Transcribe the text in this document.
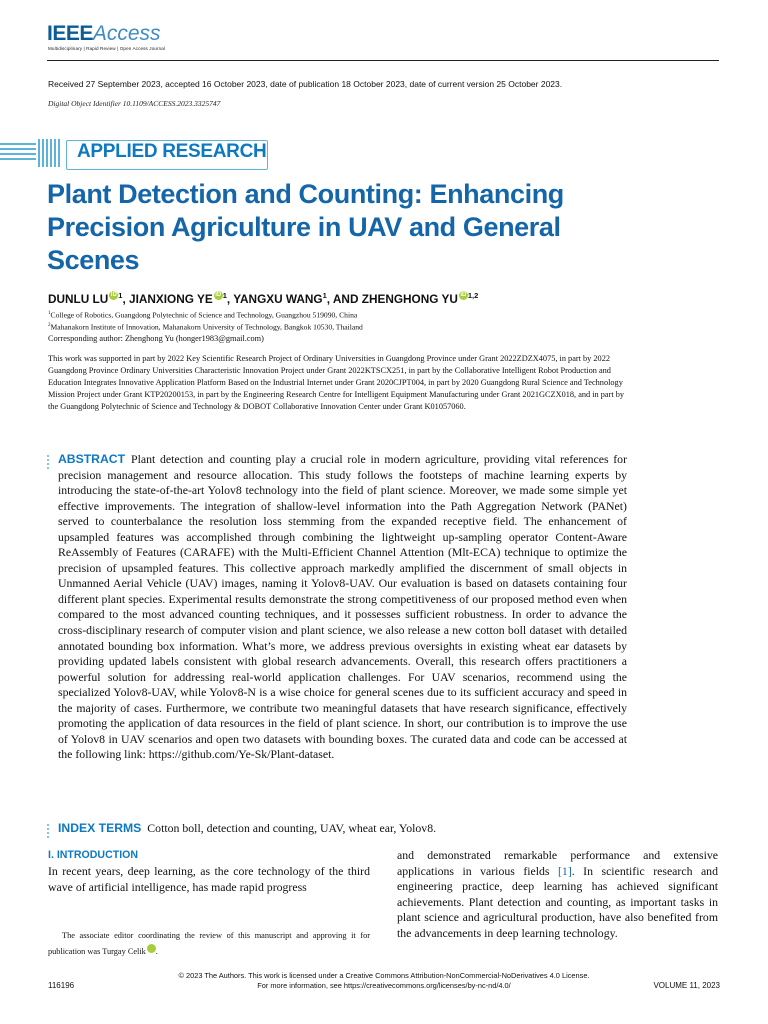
IEEEAccess
Multidisciplinary | Rapid Review | Open Access Journal
Received 27 September 2023, accepted 16 October 2023, date of publication 18 October 2023, date of current version 25 October 2023.
Digital Object Identifier 10.1109/ACCESS.2023.3325747
APPLIED RESEARCH
Plant Detection and Counting: Enhancing Precision Agriculture in UAV and General Scenes
DUNLU LU iD $^1$, JIANXIONG YE iD $^1$, YANGXU WANG$^1$, AND ZHENGHONG YU iD $^{1,2}$
$^1$College of Robotics, Guangdong Polytechnic of Science and Technology, Guangzhou 519090, China
$^2$Mahanakorn Institute of Innovation, Mahanakorn University of Technology, Bangkok 10530, Thailand
Corresponding author: Zhenghong Yu (honger1983@gmail.com)
This work was supported in part by 2022 Key Scientific Research Project of Ordinary Universities in Guangdong Province under Grant 2022ZDZX4075, in part by 2022 Guangdong Province Ordinary Universities Characteristic Innovation Project under Grant 2022KTSCX251, in part by the Collaborative Intelligent Robot Production and Education Integrates Innovative Application Platform Based on the Industrial Internet under Grant 2020CJPT004, in part by 2020 Guangdong Rural Science and Technology Mission Project under Grant KTP20200153, in part by the Engineering Research Centre for Intelligent Equipment Manufacturing under Grant 2021GCZX018, and in part by the Guangdong Polytechnic of Science and Technology & DOBOT Collaborative Innovation Center under Grant K01057060.

ABSTRACT Plant detection and counting play a crucial role in modern agriculture, providing vital references for precision management and resource allocation. This study follows the footsteps of machine learning experts by introducing the state-of-the-art Yolov8 technology into the field of plant science. Moreover, we made some simple yet effective improvements. The integration of shallow-level information into the Path Aggregation Network (PANet) served to counterbalance the resolution loss stemming from the expanded receptive field. The enhancement of upsampled features was accomplished through combining the lightweight up-sampling operator Content-Aware ReAssembly of Features (CARAFE) with the Multi-Efficient Channel Attention (Mlt-ECA) technique to optimize the precision of upsampled features. This collective approach markedly amplified the discernment of small objects in Unmanned Aerial Vehicle (UAV) images, naming it Yolov8-UAV. Our evaluation is based on datasets containing four different plant species. Experimental results demonstrate the strong competitiveness of our proposed method even when compared to the most advanced counting techniques, and it possesses sufficient robustness. In order to advance the cross-disciplinary research of computer vision and plant science, we also release a new cotton boll dataset with detailed annotated bounding box information. What’s more, we address previous oversights in existing wheat ear datasets by providing updated labels consistent with global research advancements. Overall, this research offers practitioners a powerful solution for addressing real-world application challenges. For UAV scenarios, recommend using the specialized Yolov8-UAV, while Yolov8-N is a wise choice for general scenes due to its sufficient accuracy and speed in the majority of cases. Furthermore, we contribute two meaningful datasets that have research significance, effectively promoting the application of data resources in the field of plant science. In short, our contribution is to improve the use of Yolov8 in UAV scenarios and open two datasets with bounding boxes. The curated data and code can be accessed at the following link: https://github.com/Ye-Sk/Plant-dataset.

INDEX TERMS Cotton boll, detection and counting, UAV, wheat ear, Yolov8.
I. INTRODUCTION

In recent years, deep learning, as the core technology of the third wave of artificial intelligence, has made rapid progress

The associate editor coordinating the review of this manuscript and approving it for publication was Turgay Celik	iD.

and demonstrated remarkable performance and extensive applications in various fields [1]. In scientific research and engineering practice, deep learning has achieved significant achievements. Plant detection and counting, as important tasks in plant science and agricultural production, have also benefited from the advancements in deep learning technology.

© 2023 The Authors. This work is licensed under a Creative Commons Attribution-NonCommercial-NoDerivatives 4.0 License.
For more information, see https://creativecommons.org/licenses/by-nc-nd/4.0/
116196	VOLUME 11, 2023
